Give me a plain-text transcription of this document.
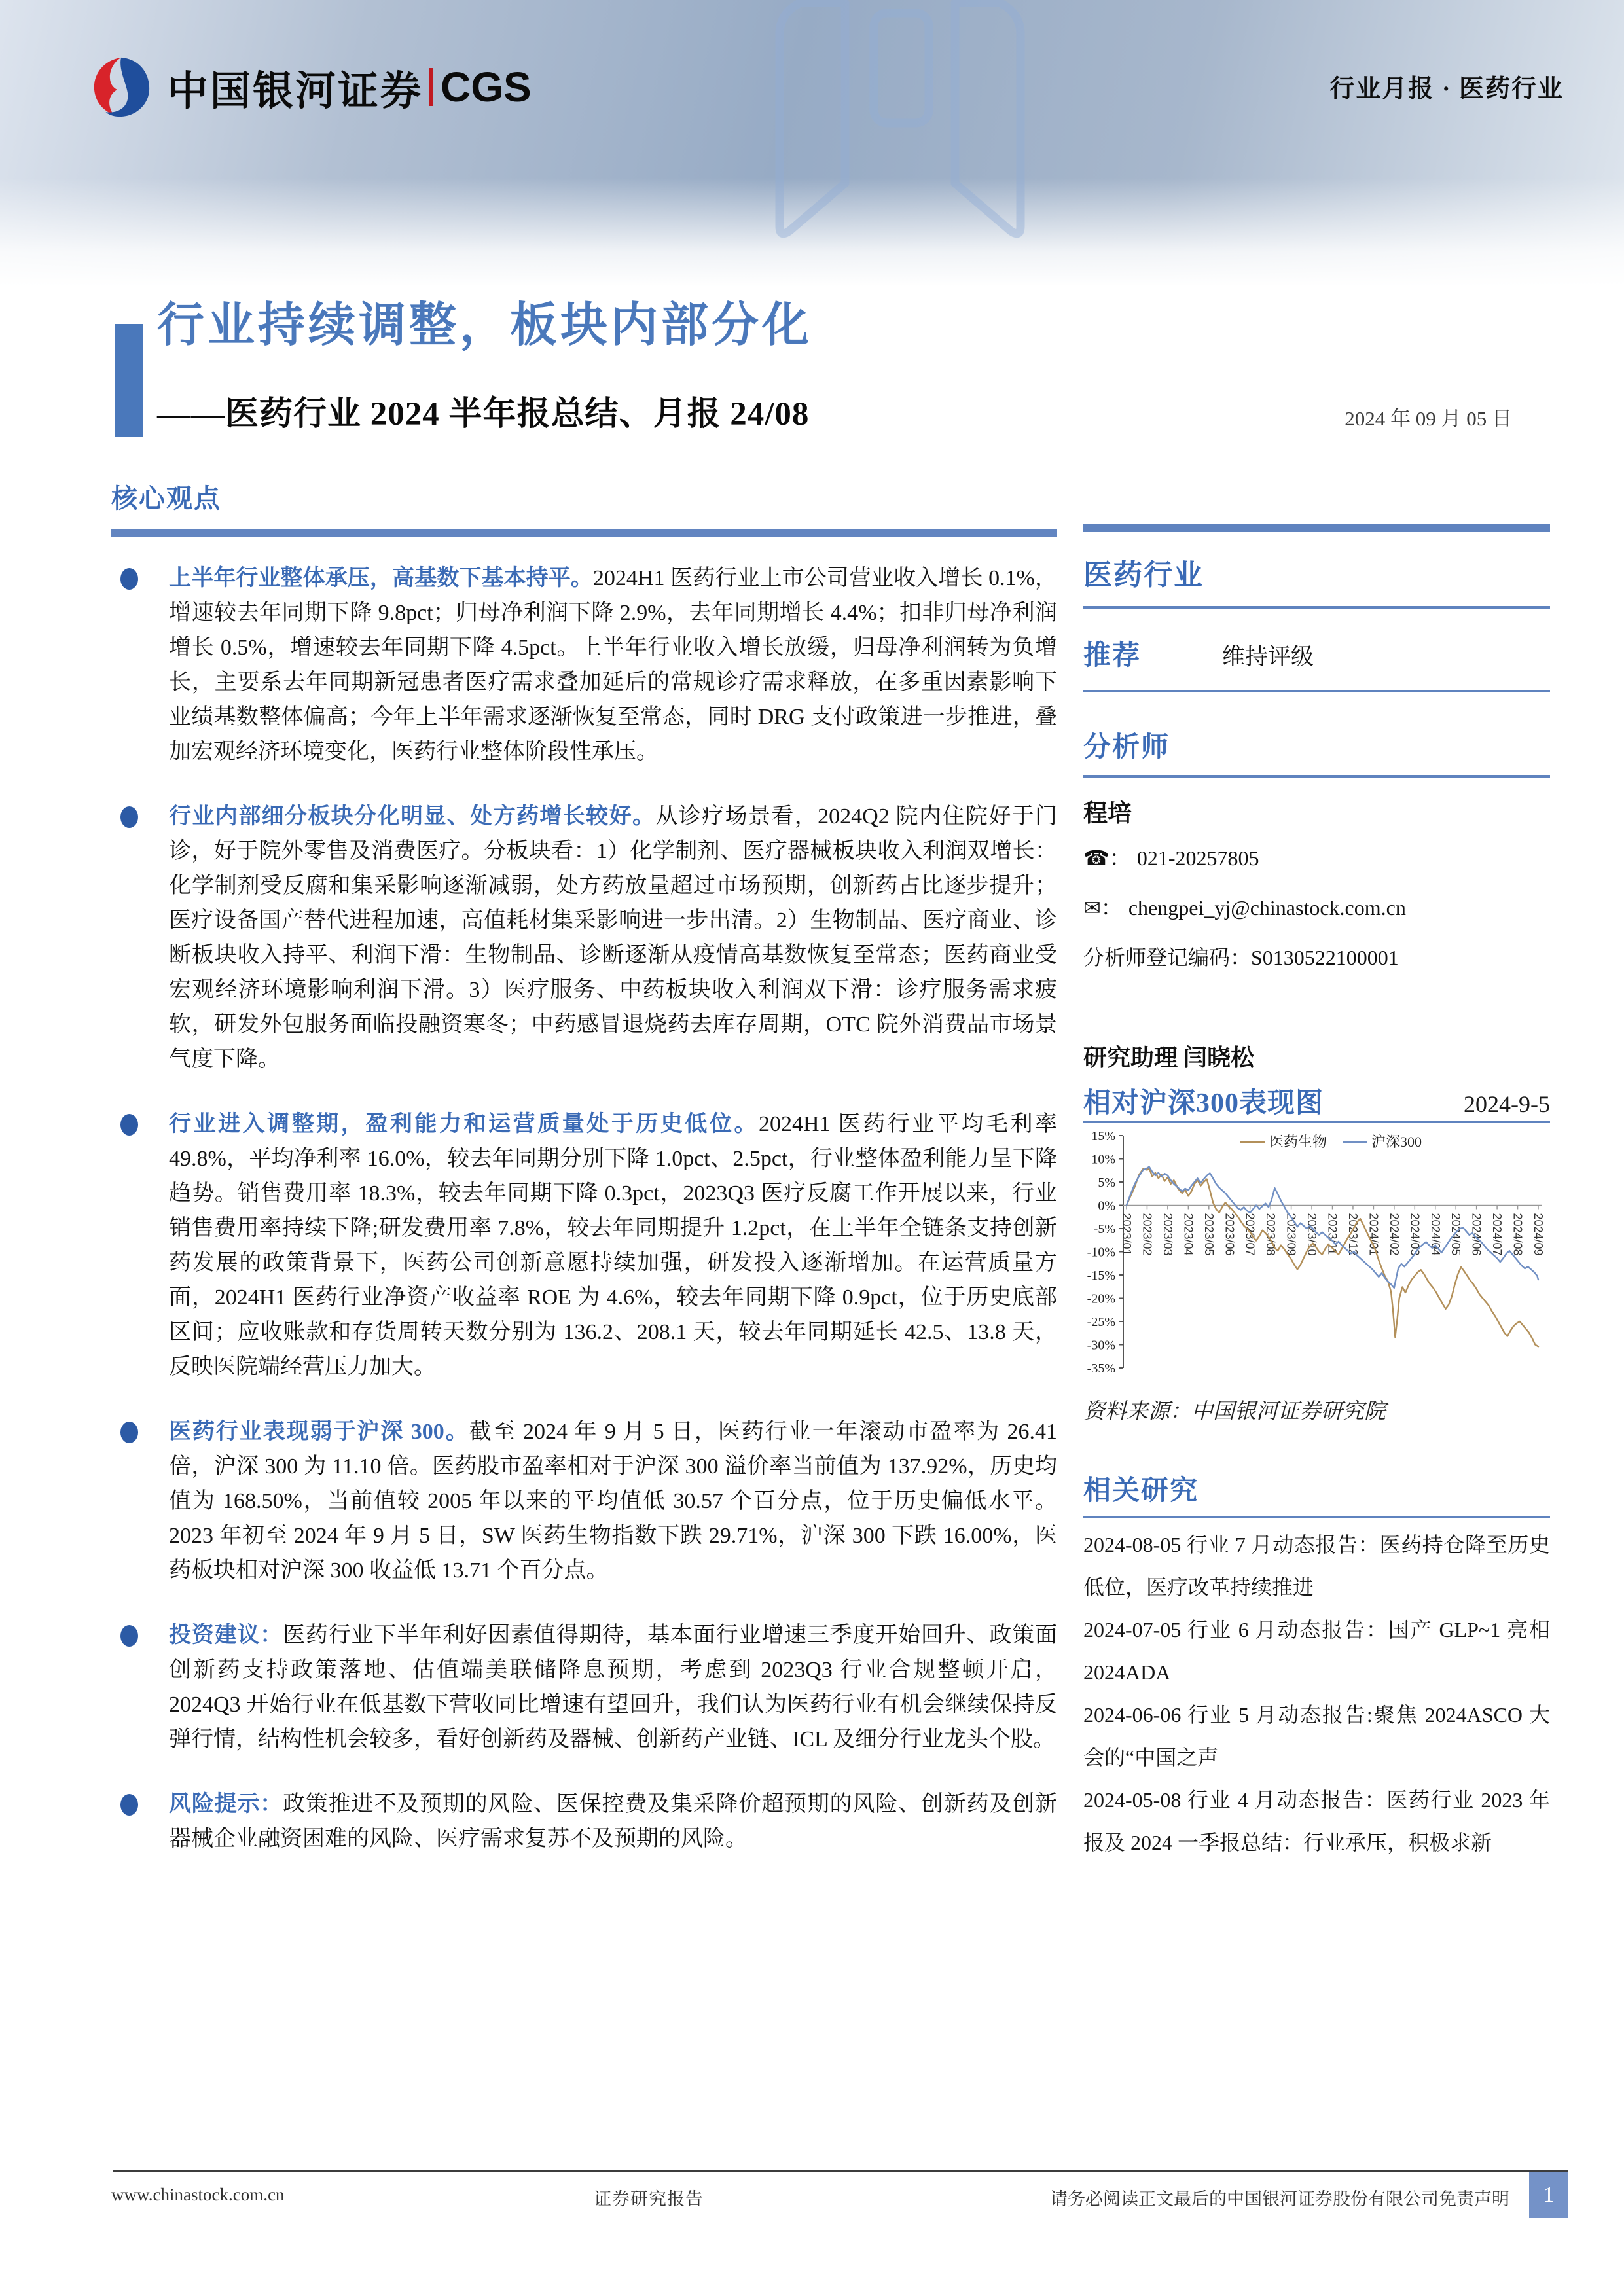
中国银河证券 CGS	行业月报 · 医药行业
行业持续调整，板块内部分化
——医药行业 2024 半年报总结、月报 24/08	2024 年 09 月 05 日
核心观点
上半年行业整体承压，高基数下基本持平。2024H1 医药行业上市公司营业收入增长 0.1%，增速较去年同期下降 9.8pct；归母净利润下降 2.9%，去年同期增长 4.4%；扣非归母净利润增长 0.5%，增速较去年同期下降 4.5pct。上半年行业收入增长放缓，归母净利润转为负增长，主要系去年同期新冠患者医疗需求叠加延后的常规诊疗需求释放，在多重因素影响下业绩基数整体偏高；今年上半年需求逐渐恢复至常态，同时 DRG 支付政策进一步推进，叠加宏观经济环境变化，医药行业整体阶段性承压。
行业内部细分板块分化明显、处方药增长较好。从诊疗场景看，2024Q2 院内住院好于门诊，好于院外零售及消费医疗。分板块看：1）化学制剂、医疗器械板块收入利润双增长：化学制剂受反腐和集采影响逐渐减弱，处方药放量超过市场预期，创新药占比逐步提升；医疗设备国产替代进程加速，高值耗材集采影响进一步出清。2）生物制品、医疗商业、诊断板块收入持平、利润下滑：生物制品、诊断逐渐从疫情高基数恢复至常态；医药商业受宏观经济环境影响利润下滑。3）医疗服务、中药板块收入利润双下滑：诊疗服务需求疲软，研发外包服务面临投融资寒冬；中药感冒退烧药去库存周期，OTC 院外消费品市场景气度下降。
行业进入调整期，盈利能力和运营质量处于历史低位。2024H1 医药行业平均毛利率 49.8%，平均净利率 16.0%，较去年同期分别下降 1.0pct、2.5pct，行业整体盈利能力呈下降趋势。销售费用率 18.3%，较去年同期下降 0.3pct，2023Q3 医疗反腐工作开展以来，行业销售费用率持续下降;研发费用率 7.8%，较去年同期提升 1.2pct，在上半年全链条支持创新药发展的政策背景下，医药公司创新意愿持续加强，研发投入逐渐增加。在运营质量方面，2024H1 医药行业净资产收益率 ROE 为 4.6%，较去年同期下降 0.9pct，位于历史底部区间；应收账款和存货周转天数分别为 136.2、208.1 天，较去年同期延长 42.5、13.8 天，反映医院端经营压力加大。
医药行业表现弱于沪深 300。截至 2024 年 9 月 5 日，医药行业一年滚动市盈率为 26.41 倍，沪深 300 为 11.10 倍。医药股市盈率相对于沪深 300 溢价率当前值为 137.92%，历史均值为 168.50%，当前值较 2005 年以来的平均值低 30.57 个百分点，位于历史偏低水平。2023 年初至 2024 年 9 月 5 日，SW 医药生物指数下跌 29.71%，沪深 300 下跌 16.00%，医药板块相对沪深 300 收益低 13.71 个百分点。
投资建议：医药行业下半年利好因素值得期待，基本面行业增速三季度开始回升、政策面创新药支持政策落地、估值端美联储降息预期，考虑到 2023Q3 行业合规整顿开启，2024Q3 开始行业在低基数下营收同比增速有望回升，我们认为医药行业有机会继续保持反弹行情，结构性机会较多，看好创新药及器械、创新药产业链、ICL 及细分行业龙头个股。
风险提示：政策推进不及预期的风险、医保控费及集采降价超预期的风险、创新药及创新器械企业融资困难的风险、医疗需求复苏不及预期的风险。
医药行业
推荐	维持评级
分析师
程培
☎： 021-20257805
✉： chengpei_yj@chinastock.com.cn
分析师登记编码：S0130522100001
研究助理 闫晓松
相对沪深300表现图	2024-9-5
15%
10%
5%
0%
-5%
-10%
-15%
-20%
-25%
-30%
-35%
2023/01 2023/02 2023/03 2023/04 2023/05 2023/06 2023/07 2023/08 2023/09 2023/10 2023/11 2023/12 2024/01 2024/02 2024/03 2024/04 2024/05 2024/06 2024/07 2024/08 2024/09
医药生物	沪深300
资料来源：中国银河证券研究院
相关研究
2024-08-05 行业 7 月动态报告：医药持仓降至历史低位，医疗改革持续推进
2024-07-05 行业 6 月动态报告：国产 GLP~1 亮相 2024ADA
2024-06-06 行业 5 月动态报告:聚焦 2024ASCO 大会的“中国之声
2024-05-08 行业 4 月动态报告：医药行业 2023 年报及 2024 一季报总结：行业承压，积极求新
www.chinastock.com.cn	证券研究报告	请务必阅读正文最后的中国银河证券股份有限公司免责声明	1
